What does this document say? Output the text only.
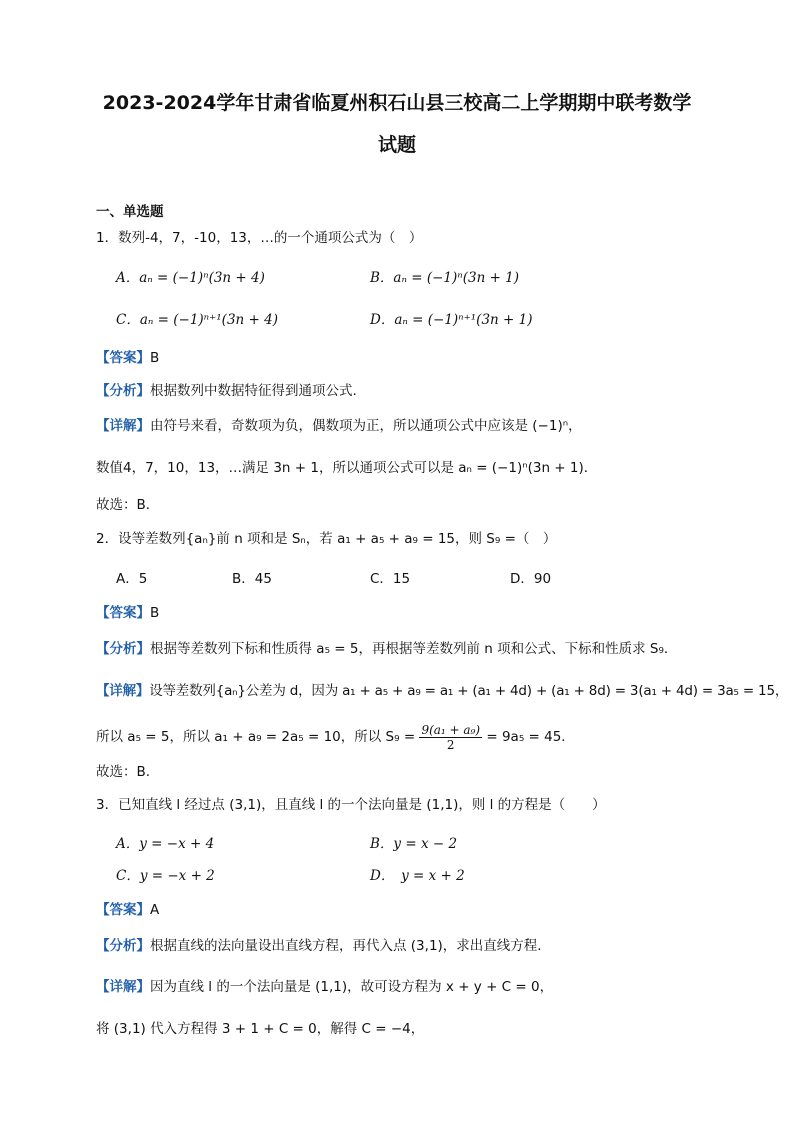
2023-2024学年甘肃省临夏州积石山县三校高二上学期期中联考数学
试题
一、单选题
1．数列-4，7，-10，13，…的一个通项公式为（　）
A．aₙ = (−1)ⁿ(3n + 4)	B．aₙ = (−1)ⁿ(3n + 1)
C．aₙ = (−1)ⁿ⁺¹(3n + 4)	D．aₙ = (−1)ⁿ⁺¹(3n + 1)
【答案】B
【分析】根据数列中数据特征得到通项公式.
【详解】由符号来看，奇数项为负，偶数项为正，所以通项公式中应该是 (−1)ⁿ，
数值4，7，10，13，…满足 3n + 1，所以通项公式可以是 aₙ = (−1)ⁿ(3n + 1)．
故选：B．
2．设等差数列{aₙ}前 n 项和是 Sₙ，若 a₁ + a₅ + a₉ = 15，则 S₉ =（　）
A．5	B．45	C．15	D．90
【答案】B
【分析】根据等差数列下标和性质得 a₅ = 5，再根据等差数列前 n 项和公式、下标和性质求 S₉．
【详解】设等差数列{aₙ}公差为 d，因为 a₁ + a₅ + a₉ = a₁ + (a₁ + 4d) + (a₁ + 8d) = 3(a₁ + 4d) = 3a₅ = 15，
所以 a₅ = 5，所以 a₁ + a₉ = 2a₅ = 10，所以 $S_9 = \frac{\text{9(a₁ + a₉)}}{2} = 9a_5 = 45$．
故选：B.
3．已知直线 l 经过点 (3,1)，且直线 l 的一个法向量是 (1,1)，则 l 的方程是（　　）
A．y = −x + 4	B．y = x − 2
C．y = −x + 2	D．　y = x + 2
【答案】A
【分析】根据直线的法向量设出直线方程，再代入点 (3,1)，求出直线方程.
【详解】因为直线 l 的一个法向量是 (1,1)，故可设方程为 x + y + C = 0，
将 (3,1) 代入方程得 3 + 1 + C = 0，解得 C = −4，
